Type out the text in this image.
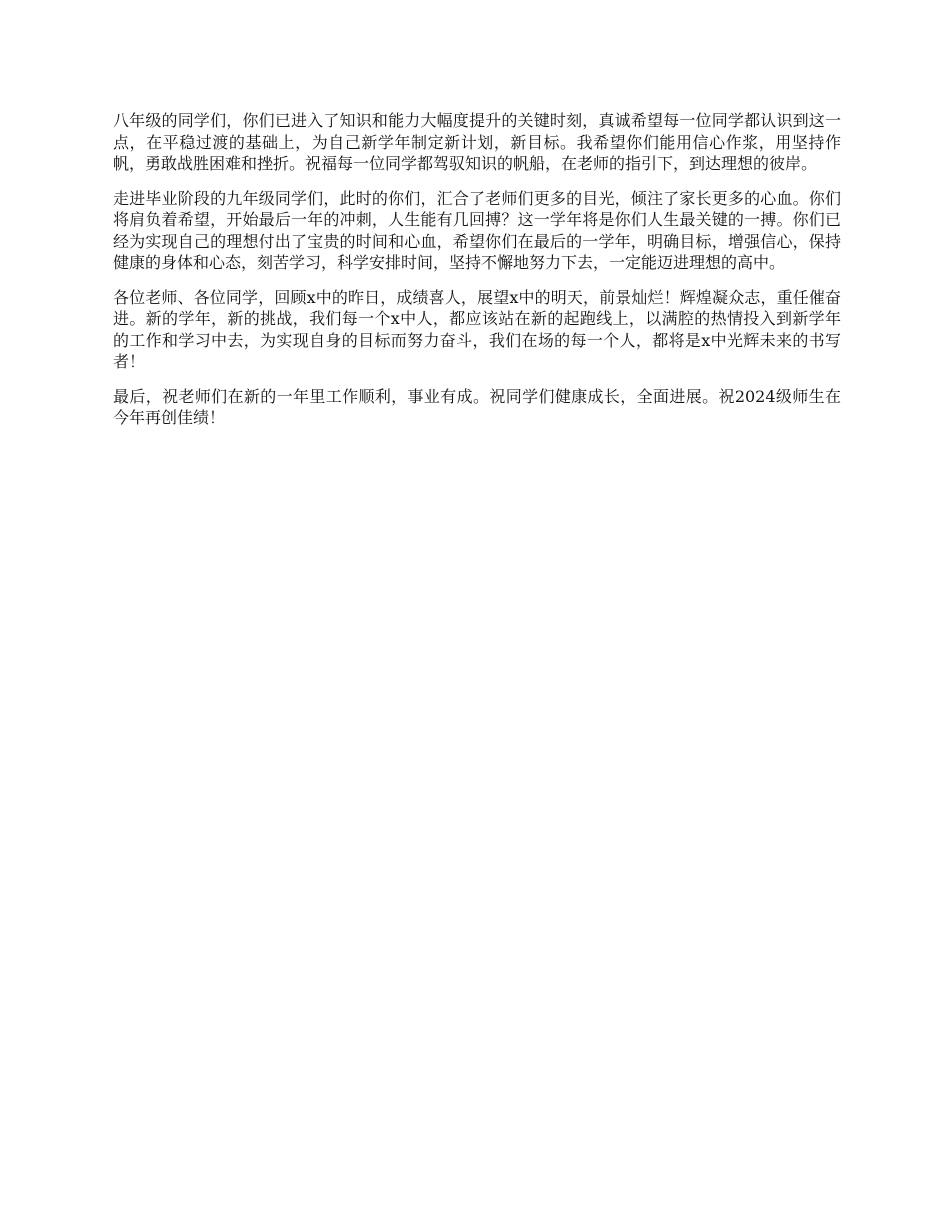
八年级的同学们，你们已进入了知识和能力大幅度提升的关键时刻，真诚希望每一位同学都认识到这一点，在平稳过渡的基础上，为自己新学年制定新计划，新目标。我希望你们能用信心作浆，用坚持作帆，勇敢战胜困难和挫折。祝福每一位同学都驾驭知识的帆船，在老师的指引下，到达理想的彼岸。

走进毕业阶段的九年级同学们，此时的你们，汇合了老师们更多的目光，倾注了家长更多的心血。你们将肩负着希望，开始最后一年的冲刺，人生能有几回搏？这一学年将是你们人生最关键的一搏。你们已经为实现自己的理想付出了宝贵的时间和心血，希望你们在最后的一学年，明确目标，增强信心，保持健康的身体和心态，刻苦学习，科学安排时间，坚持不懈地努力下去，一定能迈进理想的高中。

各位老师、各位同学，回顾x中的昨日，成绩喜人，展望x中的明天，前景灿烂！辉煌凝众志，重任催奋进。新的学年，新的挑战，我们每一个x中人，都应该站在新的起跑线上，以满腔的热情投入到新学年的工作和学习中去，为实现自身的目标而努力奋斗，我们在场的每一个人，都将是x中光辉未来的书写者！

最后，祝老师们在新的一年里工作顺利，事业有成。祝同学们健康成长，全面进展。祝2024级师生在今年再创佳绩！
